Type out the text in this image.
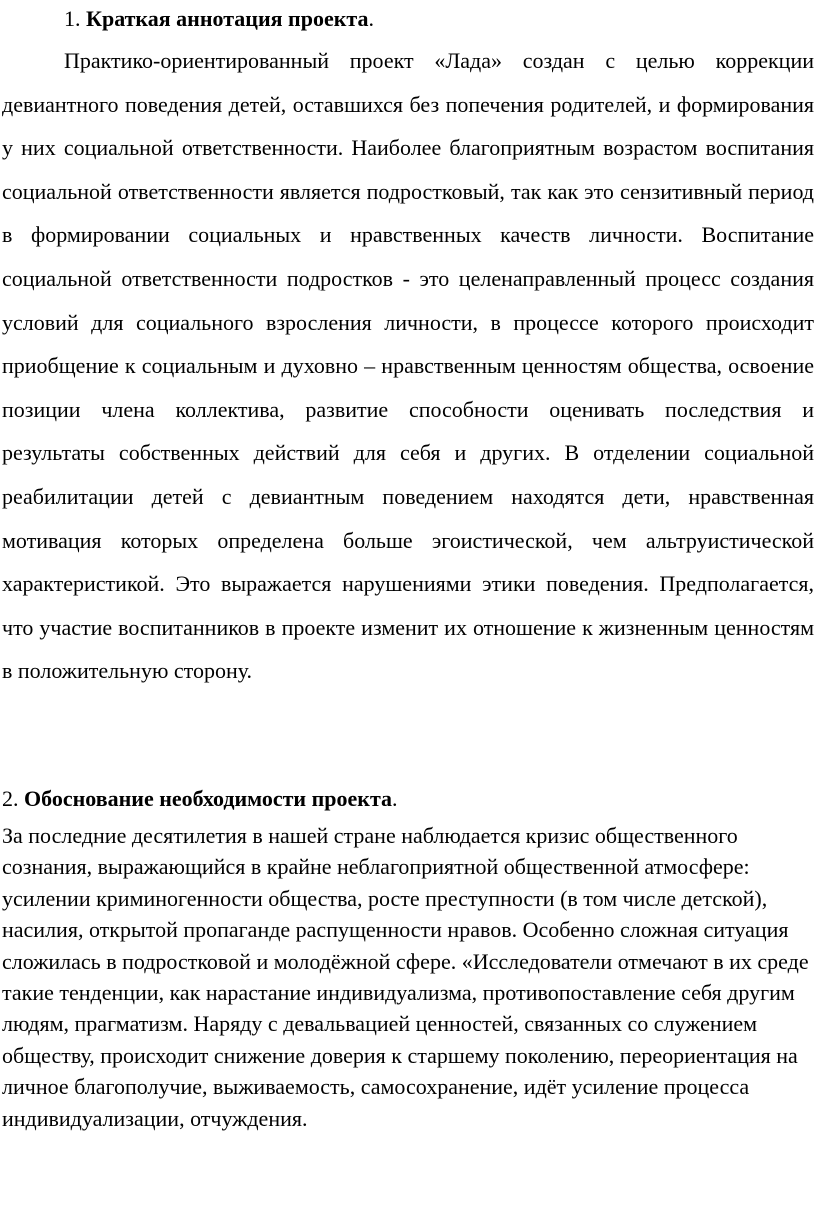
1. Краткая аннотация проекта.

Практико-ориентированный проект «Лада» создан с целью коррекции девиантного поведения детей, оставшихся без попечения родителей, и формирования у них социальной ответственности. Наиболее благоприятным возрастом воспитания социальной ответственности является подростковый, так как это сензитивный период в формировании социальных и нравственных качеств личности. Воспитание социальной ответственности подростков - это целенаправленный процесс создания условий для социального взросления личности, в процессе которого происходит приобщение к социальным и духовно – нравственным ценностям общества, освоение позиции члена коллектива, развитие способности оценивать последствия и результаты собственных действий для себя и других. В отделении социальной реабилитации детей с девиантным поведением находятся дети, нравственная мотивация которых определена больше эгоистической, чем альтруистической характеристикой. Это выражается нарушениями этики поведения. Предполагается, что участие воспитанников в проекте изменит их отношение к жизненным ценностям в положительную сторону.

2. Обоснование необходимости проекта.

За последние десятилетия в нашей стране наблюдается кризис общественного сознания, выражающийся в крайне неблагоприятной общественной атмосфере: усилении криминогенности общества, росте преступности (в том числе детской), насилия, открытой пропаганде распущенности нравов. Особенно сложная ситуация сложилась в подростковой и молодёжной сфере. «Исследователи отмечают в их среде такие тенденции, как нарастание индивидуализма, противопоставление себя другим людям, прагматизм. Наряду с девальвацией ценностей, связанных со служением обществу, происходит снижение доверия к старшему поколению, переориентация на личное благополучие, выживаемость, самосохранение, идёт усиление процесса индивидуализации, отчуждения.
